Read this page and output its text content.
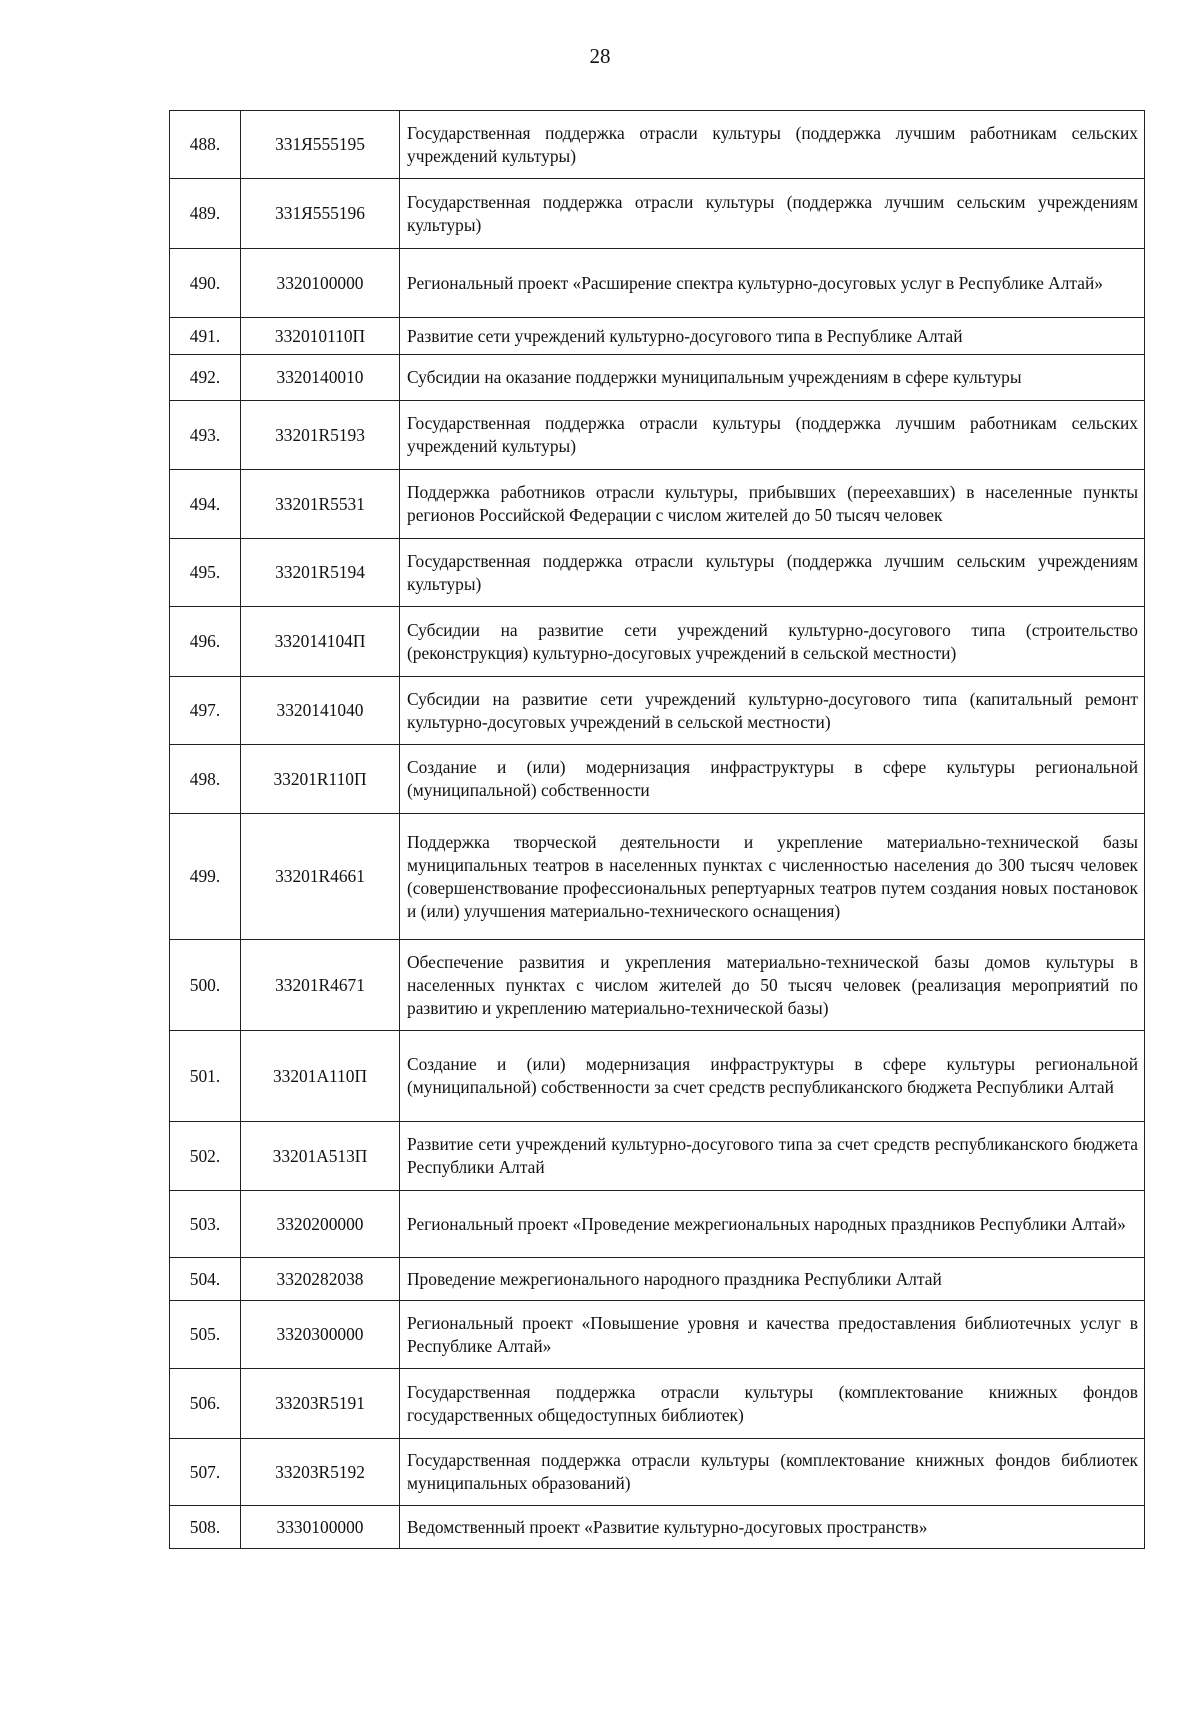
28
488.	331Я555195	Государственная поддержка отрасли культуры (поддержка лучшим работникам сельских учреждений культуры)
489.	331Я555196	Государственная поддержка отрасли культуры (поддержка лучшим сельским учреждениям культуры)
490.	3320100000	Региональный проект «Расширение спектра культурно-досуговых услуг в Республике Алтай»
491.	332010110П	Развитие сети учреждений культурно-досугового типа в Республике Алтай
492.	3320140010	Субсидии на оказание поддержки муниципальным учреждениям в сфере культуры
493.	33201R5193	Государственная поддержка отрасли культуры (поддержка лучшим работникам сельских учреждений культуры)
494.	33201R5531	Поддержка работников отрасли культуры, прибывших (переехавших) в населенные пункты регионов Российской Федерации с числом жителей до 50 тысяч человек
495.	33201R5194	Государственная поддержка отрасли культуры (поддержка лучшим сельским учреждениям культуры)
496.	332014104П	Субсидии на развитие сети учреждений культурно-досугового типа (строительство (реконструкция) культурно-досуговых учреждений в сельской местности)
497.	3320141040	Субсидии на развитие сети учреждений культурно-досугового типа (капитальный ремонт культурно-досуговых учреждений в сельской местности)
498.	33201R110П	Создание и (или) модернизация инфраструктуры в сфере культуры региональной (муниципальной) собственности
499.	33201R4661	Поддержка творческой деятельности и укрепление материально-технической базы муниципальных театров в населенных пунктах с численностью населения до 300 тысяч человек (совершенствование профессиональных репертуарных театров путем создания новых постановок и (или) улучшения материально-технического оснащения)
500.	33201R4671	Обеспечение развития и укрепления материально-технической базы домов культуры в населенных пунктах с числом жителей до 50 тысяч человек (реализация мероприятий по развитию и укреплению материально-технической базы)
501.	33201A110П	Создание и (или) модернизация инфраструктуры в сфере культуры региональной (муниципальной) собственности за счет средств республиканского бюджета Республики Алтай
502.	33201A513П	Развитие сети учреждений культурно-досугового типа за счет средств республиканского бюджета Республики Алтай
503.	3320200000	Региональный проект «Проведение межрегиональных народных праздников Республики Алтай»
504.	3320282038	Проведение межрегионального народного праздника Республики Алтай
505.	3320300000	Региональный проект «Повышение уровня и качества предоставления библиотечных услуг в Республике Алтай»
506.	33203R5191	Государственная поддержка отрасли культуры (комплектование книжных фондов государственных общедоступных библиотек)
507.	33203R5192	Государственная поддержка отрасли культуры (комплектование книжных фондов библиотек муниципальных образований)
508.	3330100000	Ведомственный проект «Развитие культурно-досуговых пространств»
